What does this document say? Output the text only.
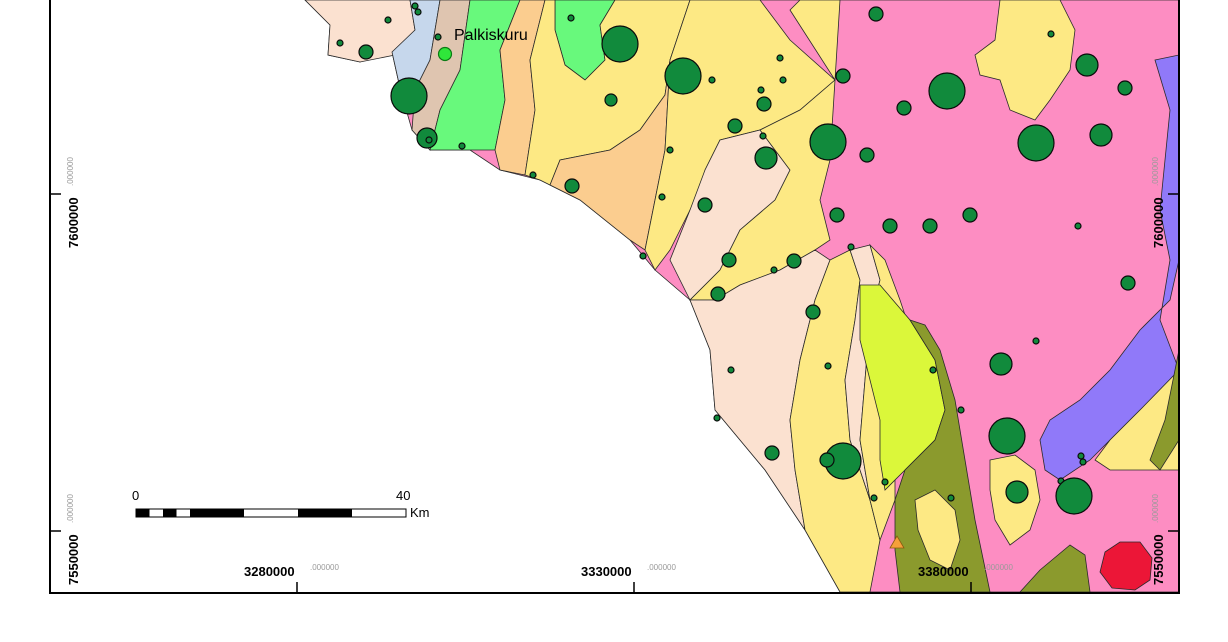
Palkiskuru
3280000 .000000	3330000 .000000	3380000 .000000
7600000
.000000
7550000
.000000
7600000
.000000
7550000
.000000
0	40
Km
